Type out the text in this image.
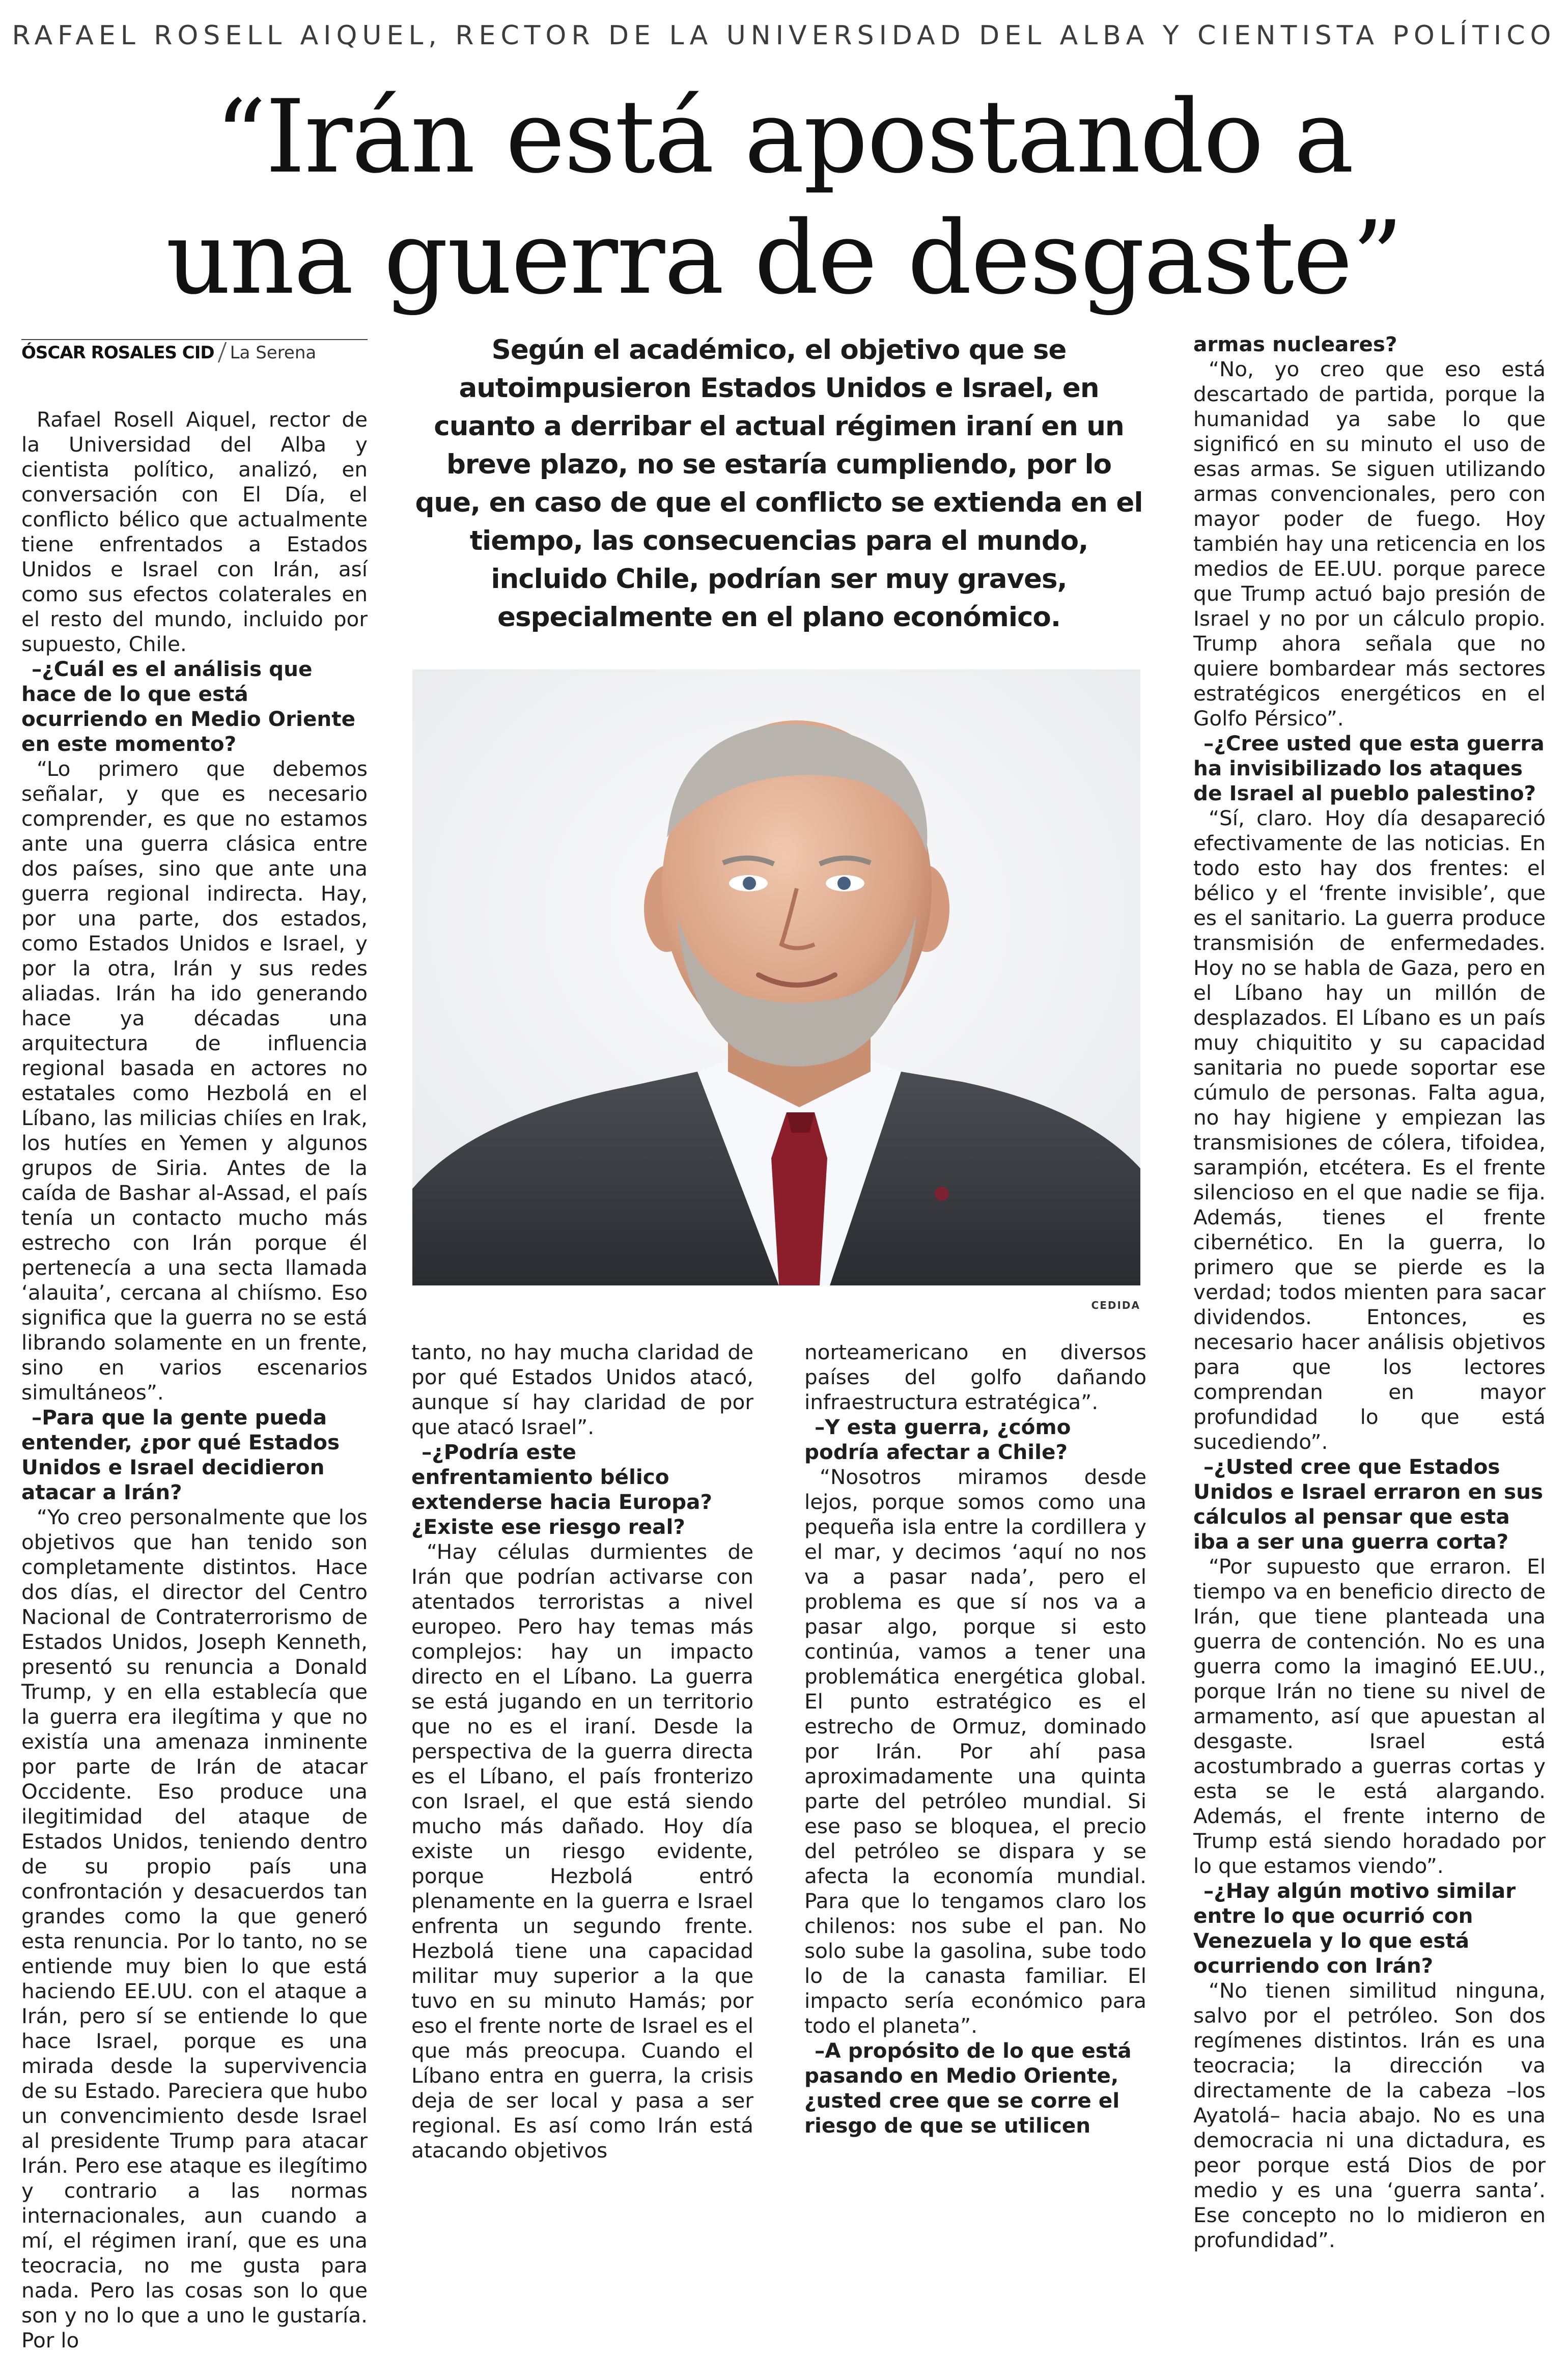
RAFAEL ROSELL AIQUEL, RECTOR DE LA UNIVERSIDAD DEL ALBA Y CIENTISTA POLÍTICO
“Irán está apostando a
una guerra de desgaste”
ÓSCAR ROSALES CID La Serena

Rafael Rosell Aiquel, rector de la Universidad del Alba y cientista político, analizó, en conversación con El Día, el conflicto bélico que actualmente tiene enfrentados a Estados Unidos e Israel con Irán, así como sus efectos colaterales en el resto del mundo, incluido por supuesto, Chile.

–¿Cuál es el análisis que hace de lo que está ocurriendo en Medio Oriente en este momento?

“Lo primero que debemos señalar, y que es necesario comprender, es que no estamos ante una guerra clásica entre dos países, sino que ante una guerra regional indirecta. Hay, por una parte, dos estados, como Estados Unidos e Israel, y por la otra, Irán y sus redes aliadas. Irán ha ido generando hace ya décadas una arquitectura de influencia regional basada en actores no estatales como Hezbolá en el Líbano, las milicias chiíes en Irak, los hutíes en Yemen y algunos grupos de Siria. Antes de la caída de Bashar al-Assad, el país tenía un contacto mucho más estrecho con Irán porque él pertenecía a una secta llamada ‘alauita’, cercana al chiísmo. Eso significa que la guerra no se está librando solamente en un frente, sino en varios escenarios simultáneos”.

–Para que la gente pueda entender, ¿por qué Estados Unidos e Israel decidieron atacar a Irán?

“Yo creo personalmente que los objetivos que han tenido son completamente distintos. Hace dos días, el director del Centro Nacional de Contraterrorismo de Estados Unidos, Joseph Kenneth, presentó su renuncia a Donald Trump, y en ella establecía que la guerra era ilegítima y que no existía una amenaza inminente por parte de Irán de atacar Occidente. Eso produce una ilegitimidad del ataque de Estados Unidos, teniendo dentro de su propio país una confrontación y desacuerdos tan grandes como la que generó esta renuncia. Por lo tanto, no se entiende muy bien lo que está haciendo EE.UU. con el ataque a Irán, pero sí se entiende lo que hace Israel, porque es una mirada desde la supervivencia de su Estado. Pareciera que hubo un convencimiento desde Israel al presidente Trump para atacar Irán. Pero ese ataque es ilegítimo y contrario a las normas internacionales, aun cuando a mí, el régimen iraní, que es una teocracia, no me gusta para nada. Pero las cosas son lo que son y no lo que a uno le gustaría. Por lo

Según el académico, el objetivo que se autoimpusieron Estados Unidos e Israel, en cuanto a derribar el actual régimen iraní en un breve plazo, no se estaría cumpliendo, por lo que, en caso de que el conflicto se extienda en el tiempo, las consecuencias para el mundo, incluido Chile, podrían ser muy graves, especialmente en el plano económico.
CEDIDA

tanto, no hay mucha claridad de por qué Estados Unidos atacó, aunque sí hay claridad de por que atacó Israel”.

–¿Podría este enfrentamiento bélico extenderse hacia Europa? ¿Existe ese riesgo real?

“Hay células durmientes de Irán que podrían activarse con atentados terroristas a nivel europeo. Pero hay temas más complejos: hay un impacto directo en el Líbano. La guerra se está jugando en un territorio que no es el iraní. Desde la perspectiva de la guerra directa es el Líbano, el país fronterizo con Israel, el que está siendo mucho más dañado. Hoy día existe un riesgo evidente, porque Hezbolá entró plenamente en la guerra e Israel enfrenta un segundo frente. Hezbolá tiene una capacidad militar muy superior a la que tuvo en su minuto Hamás; por eso el frente norte de Israel es el que más preocupa. Cuando el Líbano entra en guerra, la crisis deja de ser local y pasa a ser regional. Es así como Irán está atacando objetivos

norteamericano en diversos países del golfo dañando infraestructura estratégica”.

–Y esta guerra, ¿cómo podría afectar a Chile?

“Nosotros miramos desde lejos, porque somos como una pequeña isla entre la cordillera y el mar, y decimos ‘aquí no nos va a pasar nada’, pero el problema es que sí nos va a pasar algo, porque si esto continúa, vamos a tener una problemática energética global. El punto estratégico es el estrecho de Ormuz, dominado por Irán. Por ahí pasa aproximadamente una quinta parte del petróleo mundial. Si ese paso se bloquea, el precio del petróleo se dispara y se afecta la economía mundial. Para que lo tengamos claro los chilenos: nos sube el pan. No solo sube la gasolina, sube todo lo de la canasta familiar. El impacto sería económico para todo el planeta”.

–A propósito de lo que está pasando en Medio Oriente, ¿usted cree que se corre el riesgo de que se utilicen

armas nucleares?

“No, yo creo que eso está descartado de partida, porque la humanidad ya sabe lo que significó en su minuto el uso de esas armas. Se siguen utilizando armas convencionales, pero con mayor poder de fuego. Hoy también hay una reticencia en los medios de EE.UU. porque parece que Trump actuó bajo presión de Israel y no por un cálculo propio. Trump ahora señala que no quiere bombardear más sectores estratégicos energéticos en el Golfo Pérsico”.

–¿Cree usted que esta guerra ha invisibilizado los ataques de Israel al pueblo palestino?

“Sí, claro. Hoy día desapareció efectivamente de las noticias. En todo esto hay dos frentes: el bélico y el ‘frente invisible’, que es el sanitario. La guerra produce transmisión de enfermedades. Hoy no se habla de Gaza, pero en el Líbano hay un millón de desplazados. El Líbano es un país muy chiquitito y su capacidad sanitaria no puede soportar ese cúmulo de personas. Falta agua, no hay higiene y empiezan las transmisiones de cólera, tifoidea, sarampión, etcétera. Es el frente silencioso en el que nadie se fija. Además, tienes el frente cibernético. En la guerra, lo primero que se pierde es la verdad; todos mienten para sacar dividendos. Entonces, es necesario hacer análisis objetivos para que los lectores comprendan en mayor profundidad lo que está sucediendo”.

–¿Usted cree que Estados Unidos e Israel erraron en sus cálculos al pensar que esta iba a ser una guerra corta?

“Por supuesto que erraron. El tiempo va en beneficio directo de Irán, que tiene planteada una guerra de contención. No es una guerra como la imaginó EE.UU., porque Irán no tiene su nivel de armamento, así que apuestan al desgaste. Israel está acostumbrado a guerras cortas y esta se le está alargando. Además, el frente interno de Trump está siendo horadado por lo que estamos viendo”.

–¿Hay algún motivo similar entre lo que ocurrió con Venezuela y lo que está ocurriendo con Irán?

“No tienen similitud ninguna, salvo por el petróleo. Son dos regímenes distintos. Irán es una teocracia; la dirección va directamente de la cabeza –los Ayatolá– hacia abajo. No es una democracia ni una dictadura, es peor porque está Dios de por medio y es una ‘guerra santa’. Ese concepto no lo midieron en profundidad”.
